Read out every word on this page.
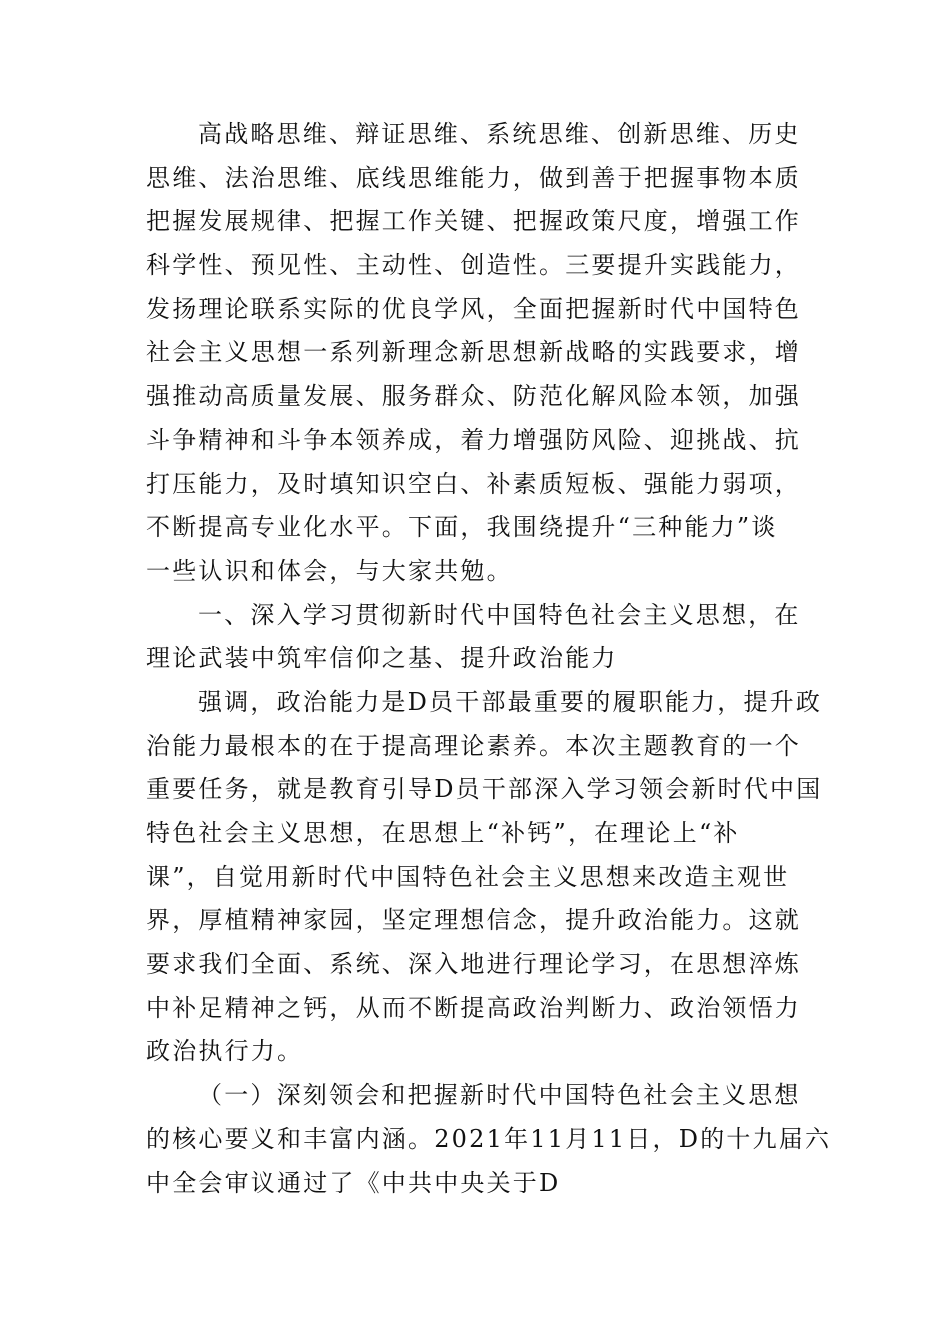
高战略思维、辩证思维、系统思维、创新思维、历史
思维、法治思维、底线思维能力，做到善于把握事物本质
把握发展规律、把握工作关键、把握政策尺度，增强工作
科学性、预见性、主动性、创造性。三要提升实践能力，
发扬理论联系实际的优良学风，全面把握新时代中国特色
社会主义思想一系列新理念新思想新战略的实践要求，增
强推动高质量发展、服务群众、防范化解风险本领，加强
斗争精神和斗争本领养成，着力增强防风险、迎挑战、抗
打压能力，及时填知识空白、补素质短板、强能力弱项，
不断提高专业化水平。下面，我围绕提升“三种能力”谈
一些认识和体会，与大家共勉。
一、深入学习贯彻新时代中国特色社会主义思想，在
理论武装中筑牢信仰之基、提升政治能力
强调，政治能力是D员干部最重要的履职能力，提升政
治能力最根本的在于提高理论素养。本次主题教育的一个
重要任务，就是教育引导D员干部深入学习领会新时代中国
特色社会主义思想，在思想上“补钙”，在理论上“补
课”，自觉用新时代中国特色社会主义思想来改造主观世
界，厚植精神家园，坚定理想信念，提升政治能力。这就
要求我们全面、系统、深入地进行理论学习，在思想淬炼
中补足精神之钙，从而不断提高政治判断力、政治领悟力
政治执行力。
（一）深刻领会和把握新时代中国特色社会主义思想
的核心要义和丰富内涵。2021年11月11日，D的十九届六
中全会审议通过了《中共中央关于D
